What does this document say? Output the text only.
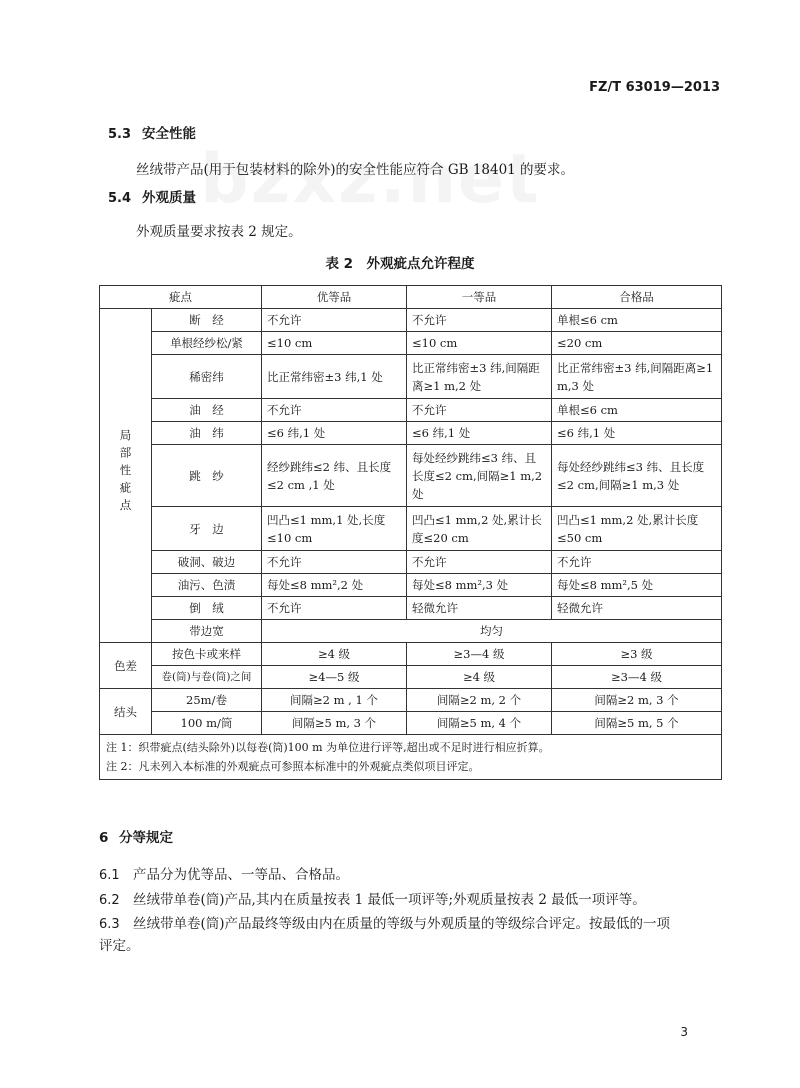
FZ/T 63019—2013
5.3 安全性能
丝绒带产品(用于包装材料的除外)的安全性能应符合 GB 18401 的要求。
5.4 外观质量
外观质量要求按表 2 规定。
表 2　外观疵点允许程度
疵点		优等品	一等品	合格品
局部性疵点	断　经	不允许	不允许	单根≤6 cm
	单根经纱松/紧	≤10 cm	≤10 cm	≤20 cm
	稀密纬	比正常纬密±3 纬,1 处	比正常纬密±3 纬,间隔距离≥1 m,2 处	比正常纬密±3 纬,间隔距离≥1 m,3 处
	油　经	不允许	不允许	单根≤6 cm
	油　纬	≤6 纬,1 处	≤6 纬,1 处	≤6 纬,1 处
	跳　纱	经纱跳纬≤2 纬、且长度≤2 cm ,1 处	每处经纱跳纬≤3 纬、且长度≤2 cm,间隔≥1 m,2 处	每处经纱跳纬≤3 纬、且长度≤2 cm,间隔≥1 m,3 处
	牙　边	凹凸≤1 mm,1 处,长度≤10 cm	凹凸≤1 mm,2 处,累计长度≤20 cm	凹凸≤1 mm,2 处,累计长度≤50 cm
	破洞、破边	不允许	不允许	不允许
	油污、色渍	每处≤8 mm²,2 处	每处≤8 mm²,3 处	每处≤8 mm²,5 处
	倒　绒	不允许	轻微允许	轻微允许
	带边宽	均匀		
色差	按色卡或来样	≥4 级	≥3—4 级	≥3 级
	卷(筒)与卷(筒)之间	≥4—5 级	≥4 级	≥3—4 级
结头	25m/卷	间隔≥2 m , 1 个	间隔≥2 m, 2 个	间隔≥2 m, 3 个
	100 m/筒	间隔≥5 m, 3 个	间隔≥5 m, 4 个	间隔≥5 m, 5 个

注 1：织带疵点(结头除外)以每卷(筒)100 m 为单位进行评等,超出或不足时进行相应折算。
注 2：凡未列入本标准的外观疵点可参照本标准中的外观疵点类似项目评定。				
6 分等规定
6.1 产品分为优等品、一等品、合格品。
6.2 丝绒带单卷(筒)产品,其内在质量按表 1 最低一项评等;外观质量按表 2 最低一项评等。
6.3 丝绒带单卷(筒)产品最终等级由内在质量的等级与外观质量的等级综合评定。按最低的一项
评定。
3
